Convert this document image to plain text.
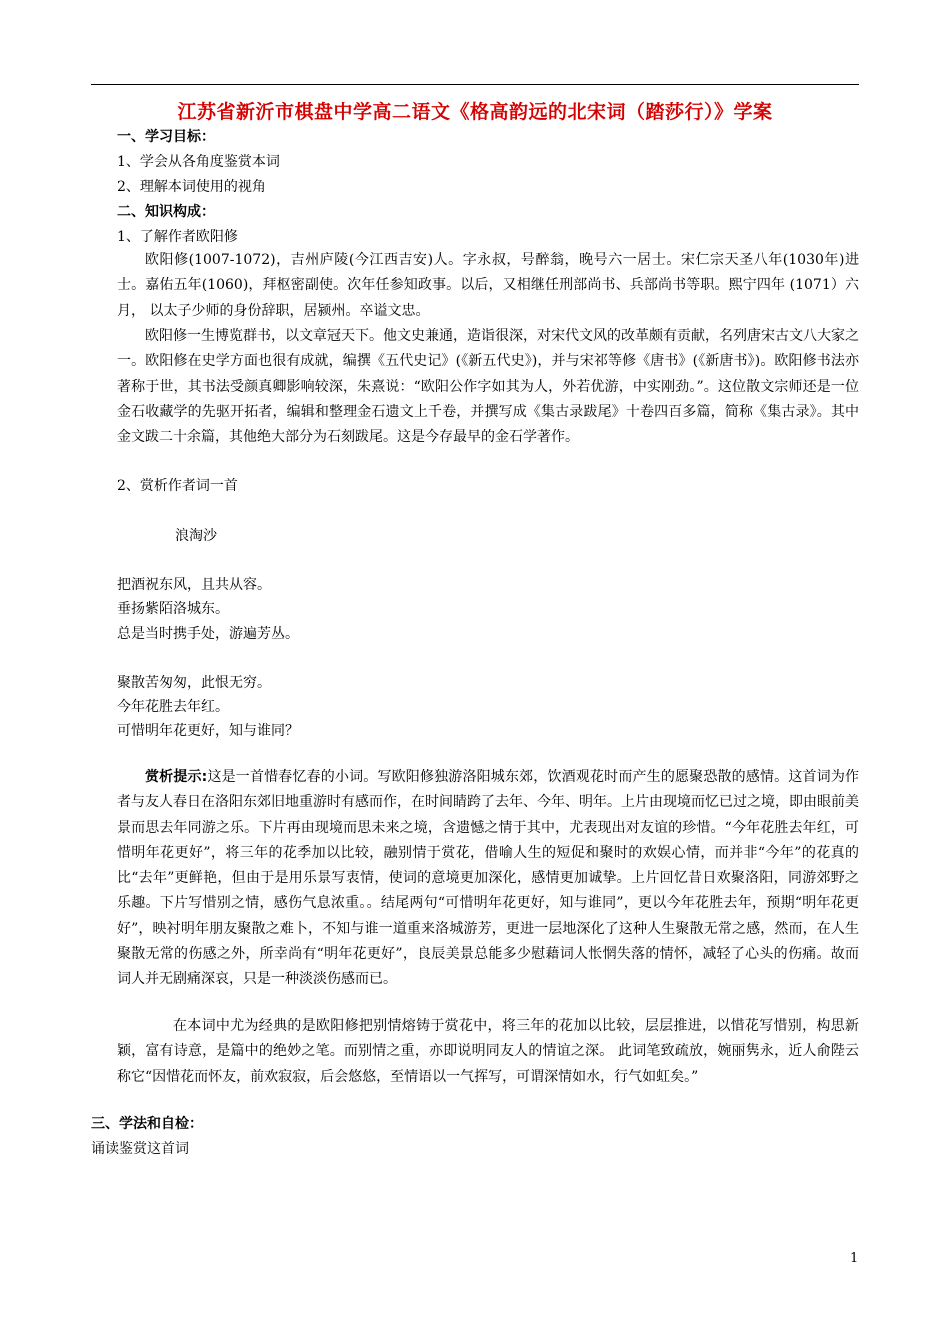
江苏省新沂市棋盘中学高二语文《格高韵远的北宋词（踏莎行）》学案
一、学习目标：
1、学会从各角度鉴赏本词
2、理解本词使用的视角
二、知识构成：
1、了解作者欧阳修

欧阳修(1007-1072)，吉州庐陵(今江西吉安)人。字永叔，号醉翁，晚号六一居士。宋仁宗天圣八年(1030年)进士。嘉佑五年(1060)，拜枢密副使。次年任参知政事。以后，又相继任刑部尚书、兵部尚书等职。熙宁四年 (1071）六月， 以太子少师的身份辞职，居颍州。卒谥文忠。

欧阳修一生博览群书，以文章冠天下。他文史兼通，造诣很深，对宋代文风的改革颇有贡献，名列唐宋古文八大家之一。欧阳修在史学方面也很有成就，编撰《五代史记》(《新五代史》)，并与宋祁等修《唐书》(《新唐书》)。欧阳修书法亦著称于世，其书法受颜真卿影响较深，朱熹说：“欧阳公作字如其为人，外若优游，中实刚劲。”。这位散文宗师还是一位金石收藏学的先驱开拓者，编辑和整理金石遗文上千卷，并撰写成《集古录跋尾》十卷四百多篇，简称《集古录》。其中金文跋二十余篇，其他绝大部分为石刻跋尾。这是今存最早的金石学著作。

2、赏析作者词一首
浪淘沙
把酒祝东风，且共从容。
垂扬紫陌洛城东。
总是当时携手处，游遍芳丛。
聚散苦匆匆，此恨无穷。
今年花胜去年红。
可惜明年花更好，知与谁同？

赏析提示:这是一首惜春忆春的小词。写欧阳修独游洛阳城东郊，饮酒观花时而产生的愿聚恐散的感情。这首词为作者与友人春日在洛阳东郊旧地重游时有感而作，在时间睛跨了去年、今年、明年。上片由现境而忆已过之境，即由眼前美景而思去年同游之乐。下片再由现境而思未来之境，含遗憾之情于其中，尤表现出对友谊的珍惜。“今年花胜去年红，可惜明年花更好”，将三年的花季加以比较，融别情于赏花，借喻人生的短促和聚时的欢娱心情，而并非“今年”的花真的比“去年”更鲜艳，但由于是用乐景写衷情，使词的意境更加深化，感情更加诚挚。上片回忆昔日欢聚洛阳，同游郊野之乐趣。下片写惜别之情，感伤气息浓重。。结尾两句“可惜明年花更好，知与谁同”，更以今年花胜去年，预期“明年花更好”，映衬明年朋友聚散之难卜，不知与谁一道重来洛城游芳，更进一层地深化了这种人生聚散无常之感，然而，在人生聚散无常的伤感之外，所幸尚有“明年花更好”，良辰美景总能多少慰藉词人怅惘失落的情怀，减轻了心头的伤痛。故而词人并无剧痛深哀，只是一种淡淡伤感而已。

在本词中尤为经典的是欧阳修把别情熔铸于赏花中，将三年的花加以比较，层层推进，以惜花写惜别，构思新颖，富有诗意，是篇中的绝妙之笔。而别情之重，亦即说明同友人的情谊之深。 此词笔致疏放，婉丽隽永，近人俞陛云称它“因惜花而怀友，前欢寂寂，后会悠悠，至情语以一气挥写，可谓深情如水，行气如虹矣。”

三、学法和自检：
诵读鉴赏这首词
1
